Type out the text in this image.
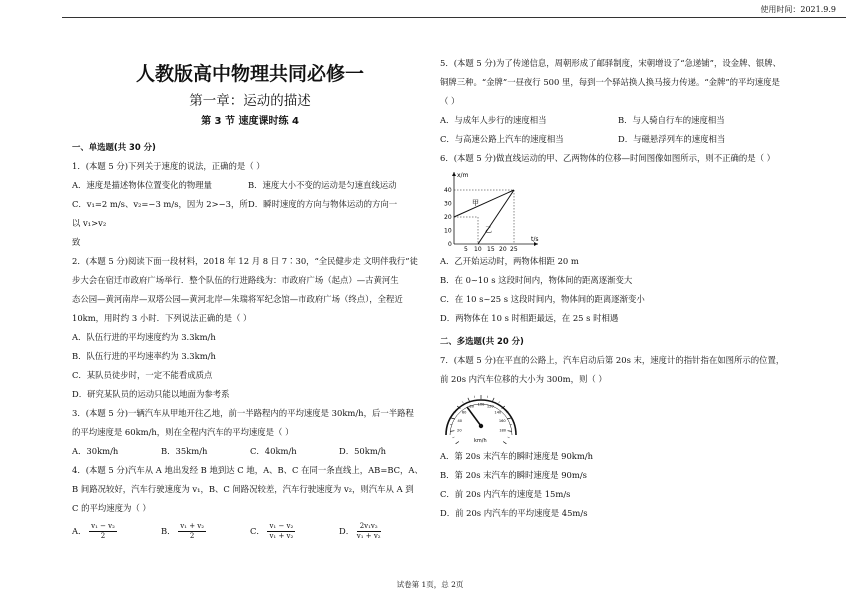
使用时间：2021.9.9
人教版高中物理共同必修一
第一章：运动的描述
第 3 节 速度课时练 4
一、单选题(共 30 分)
1．(本题 5 分)下列关于速度的说法，正确的是（ ）
A．速度是描述物体位置变化的物理量	B．速度大小不变的运动是匀速直线运动
C．v₁=2 m/s、v₂=−3 m/s，因为 2>−3，所以 v₁>v₂
D．瞬时速度的方向与物体运动的方向一
致
2．(本题 5 分)阅读下面一段材料，2018 年 12 月 8 日 7∶30，“全民健步走 文明伴我行”徒
步大会在宿迁市政府广场举行．整个队伍的行进路线为：市政府广场（起点）—古黄河生
态公园—黄河南岸—双塔公园—黄河北岸—朱瑞将军纪念馆—市政府广场（终点），全程近
10km，用时约 3 小时．下列说法正确的是（ ）
A．队伍行进的平均速度约为 3.3km/h
B．队伍行进的平均速率约为 3.3km/h
C．某队员徒步时，一定不能看成质点
D．研究某队员的运动只能以地面为参考系
3．(本题 5 分)一辆汽车从甲地开往乙地，前一半路程内的平均速度是 30km/h，后一半路程
的平均速度是 60km/h，则在全程内汽车的平均速度是（ ）
A．30km/h	B．35km/h	C．40km/h	D．50km/h
4．(本题 5 分)汽车从 A 地出发经 B 地到达 C 地，A、B、C 在同一条直线上，AB=BC，A、
B 间路况较好，汽车行驶速度为 v₁，B、C 间路况较差，汽车行驶速度为 v₂，则汽车从 A 到
C 的平均速度为（ ）
A． $\frac{\text{v₁ − v₂}}{2}$	B． $\frac{\text{v₁ + v₂}}{2}$	C． $\frac{\text{v₁ − v₂}}{\text{v₁ + v₂}}$	D． $\frac{\text{2v₁v₂}}{\text{v₁ + v₂}}$
5．(本题 5 分)为了传递信息，周朝形成了邮驿制度，宋朝增设了“急递铺”，设金牌、银牌、
铜牌三种。“金牌”一昼夜行 500 里，每到一个驿站换人换马接力传递。“金牌”的平均速度是
（ ）
A．与成年人步行的速度相当	B．与人骑自行车的速度相当
C．与高速公路上汽车的速度相当	D．与磁悬浮列车的速度相当
6．(本题 5 分)做直线运动的甲、乙两物体的位移—时间图像如图所示，则不正确的是（ ）
x/m
t/s
甲
乙
40
30
20
10
0
5 10 15 20 25
A．乙开始运动时，两物体相距 20 m
B．在 0~10 s 这段时间内，物体间的距离逐渐变大
C．在 10 s~25 s 这段时间内，物体间的距离逐渐变小
D．两物体在 10 s 时相距最远，在 25 s 时相遇
二、多选题(共 20 分)
7．(本题 5 分)在平直的公路上，汽车启动后第 20s 末，速度计的指针指在如图所示的位置，
前 20s 内汽车位移的大小为 300m，则（ ）
20
40
60
80
100
120
140
160
180
km/h
A．第 20s 末汽车的瞬时速度是 90km/h
B．第 20s 末汽车的瞬时速度是 90m/s
C．前 20s 内汽车的速度是 15m/s
D．前 20s 内汽车的平均速度是 45m/s
试卷第 1页，总 2页
